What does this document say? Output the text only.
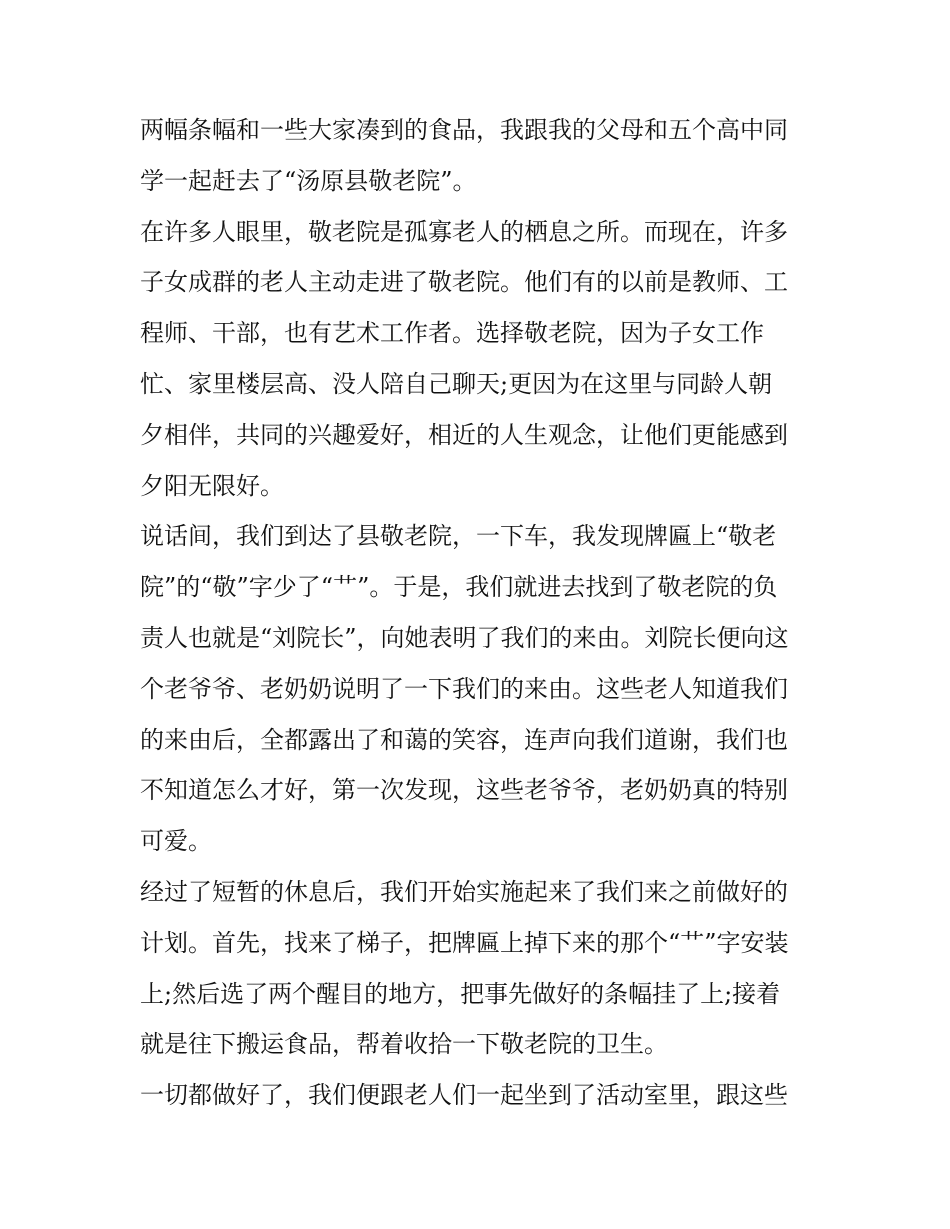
两幅条幅和一些大家凑到的食品，我跟我的父母和五个高中同
学一起赶去了“汤原县敬老院”。
在许多人眼里，敬老院是孤寡老人的栖息之所。而现在，许多
子女成群的老人主动走进了敬老院。他们有的以前是教师、工
程师、干部，也有艺术工作者。选择敬老院，因为子女工作
忙、家里楼层高、没人陪自己聊天;更因为在这里与同龄人朝
夕相伴，共同的兴趣爱好，相近的人生观念，让他们更能感到
夕阳无限好。
说话间，我们到达了县敬老院，一下车，我发现牌匾上“敬老
院”的“敬”字少了“艹”。于是，我们就进去找到了敬老院的负
责人也就是“刘院长”，向她表明了我们的来由。刘院长便向这
个老爷爷、老奶奶说明了一下我们的来由。这些老人知道我们
的来由后，全都露出了和蔼的笑容，连声向我们道谢，我们也
不知道怎么才好，第一次发现，这些老爷爷，老奶奶真的特别
可爱。
经过了短暂的休息后，我们开始实施起来了我们来之前做好的
计划。首先，找来了梯子，把牌匾上掉下来的那个“艹”字安装
上;然后选了两个醒目的地方，把事先做好的条幅挂了上;接着
就是往下搬运食品，帮着收拾一下敬老院的卫生。
一切都做好了，我们便跟老人们一起坐到了活动室里，跟这些
